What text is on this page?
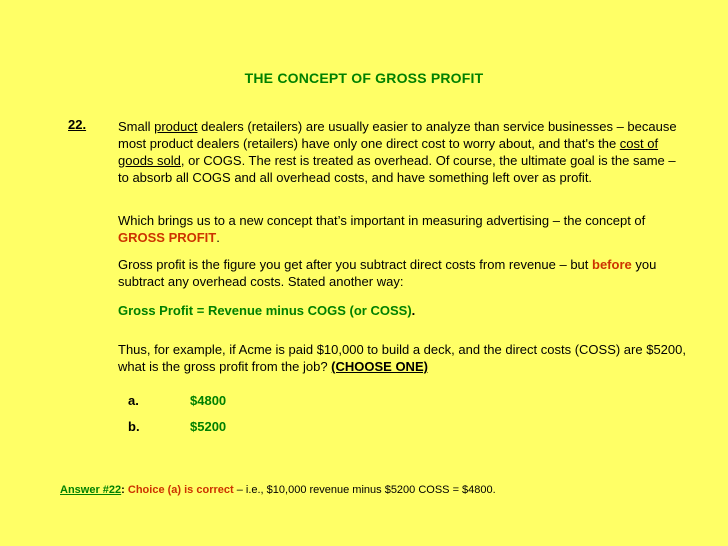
THE CONCEPT OF GROSS PROFIT
22. Small product dealers (retailers) are usually easier to analyze than service businesses – because most product dealers (retailers) have only one direct cost to worry about, and that's the cost of goods sold, or COGS. The rest is treated as overhead. Of course, the ultimate goal is the same – to absorb all COGS and all overhead costs, and have something left over as profit.
Which brings us to a new concept that’s important in measuring advertising – the concept of GROSS PROFIT.
Gross profit is the figure you get after you subtract direct costs from revenue – but before you subtract any overhead costs. Stated another way:
Gross Profit = Revenue minus COGS (or COSS).
Thus, for example, if Acme is paid $10,000 to build a deck, and the direct costs (COSS) are $5200, what is the gross profit from the job? (CHOOSE ONE)
a.	$4800
b.	$5200
Answer #22: Choice (a) is correct – i.e., $10,000 revenue minus $5200 COSS = $4800.
